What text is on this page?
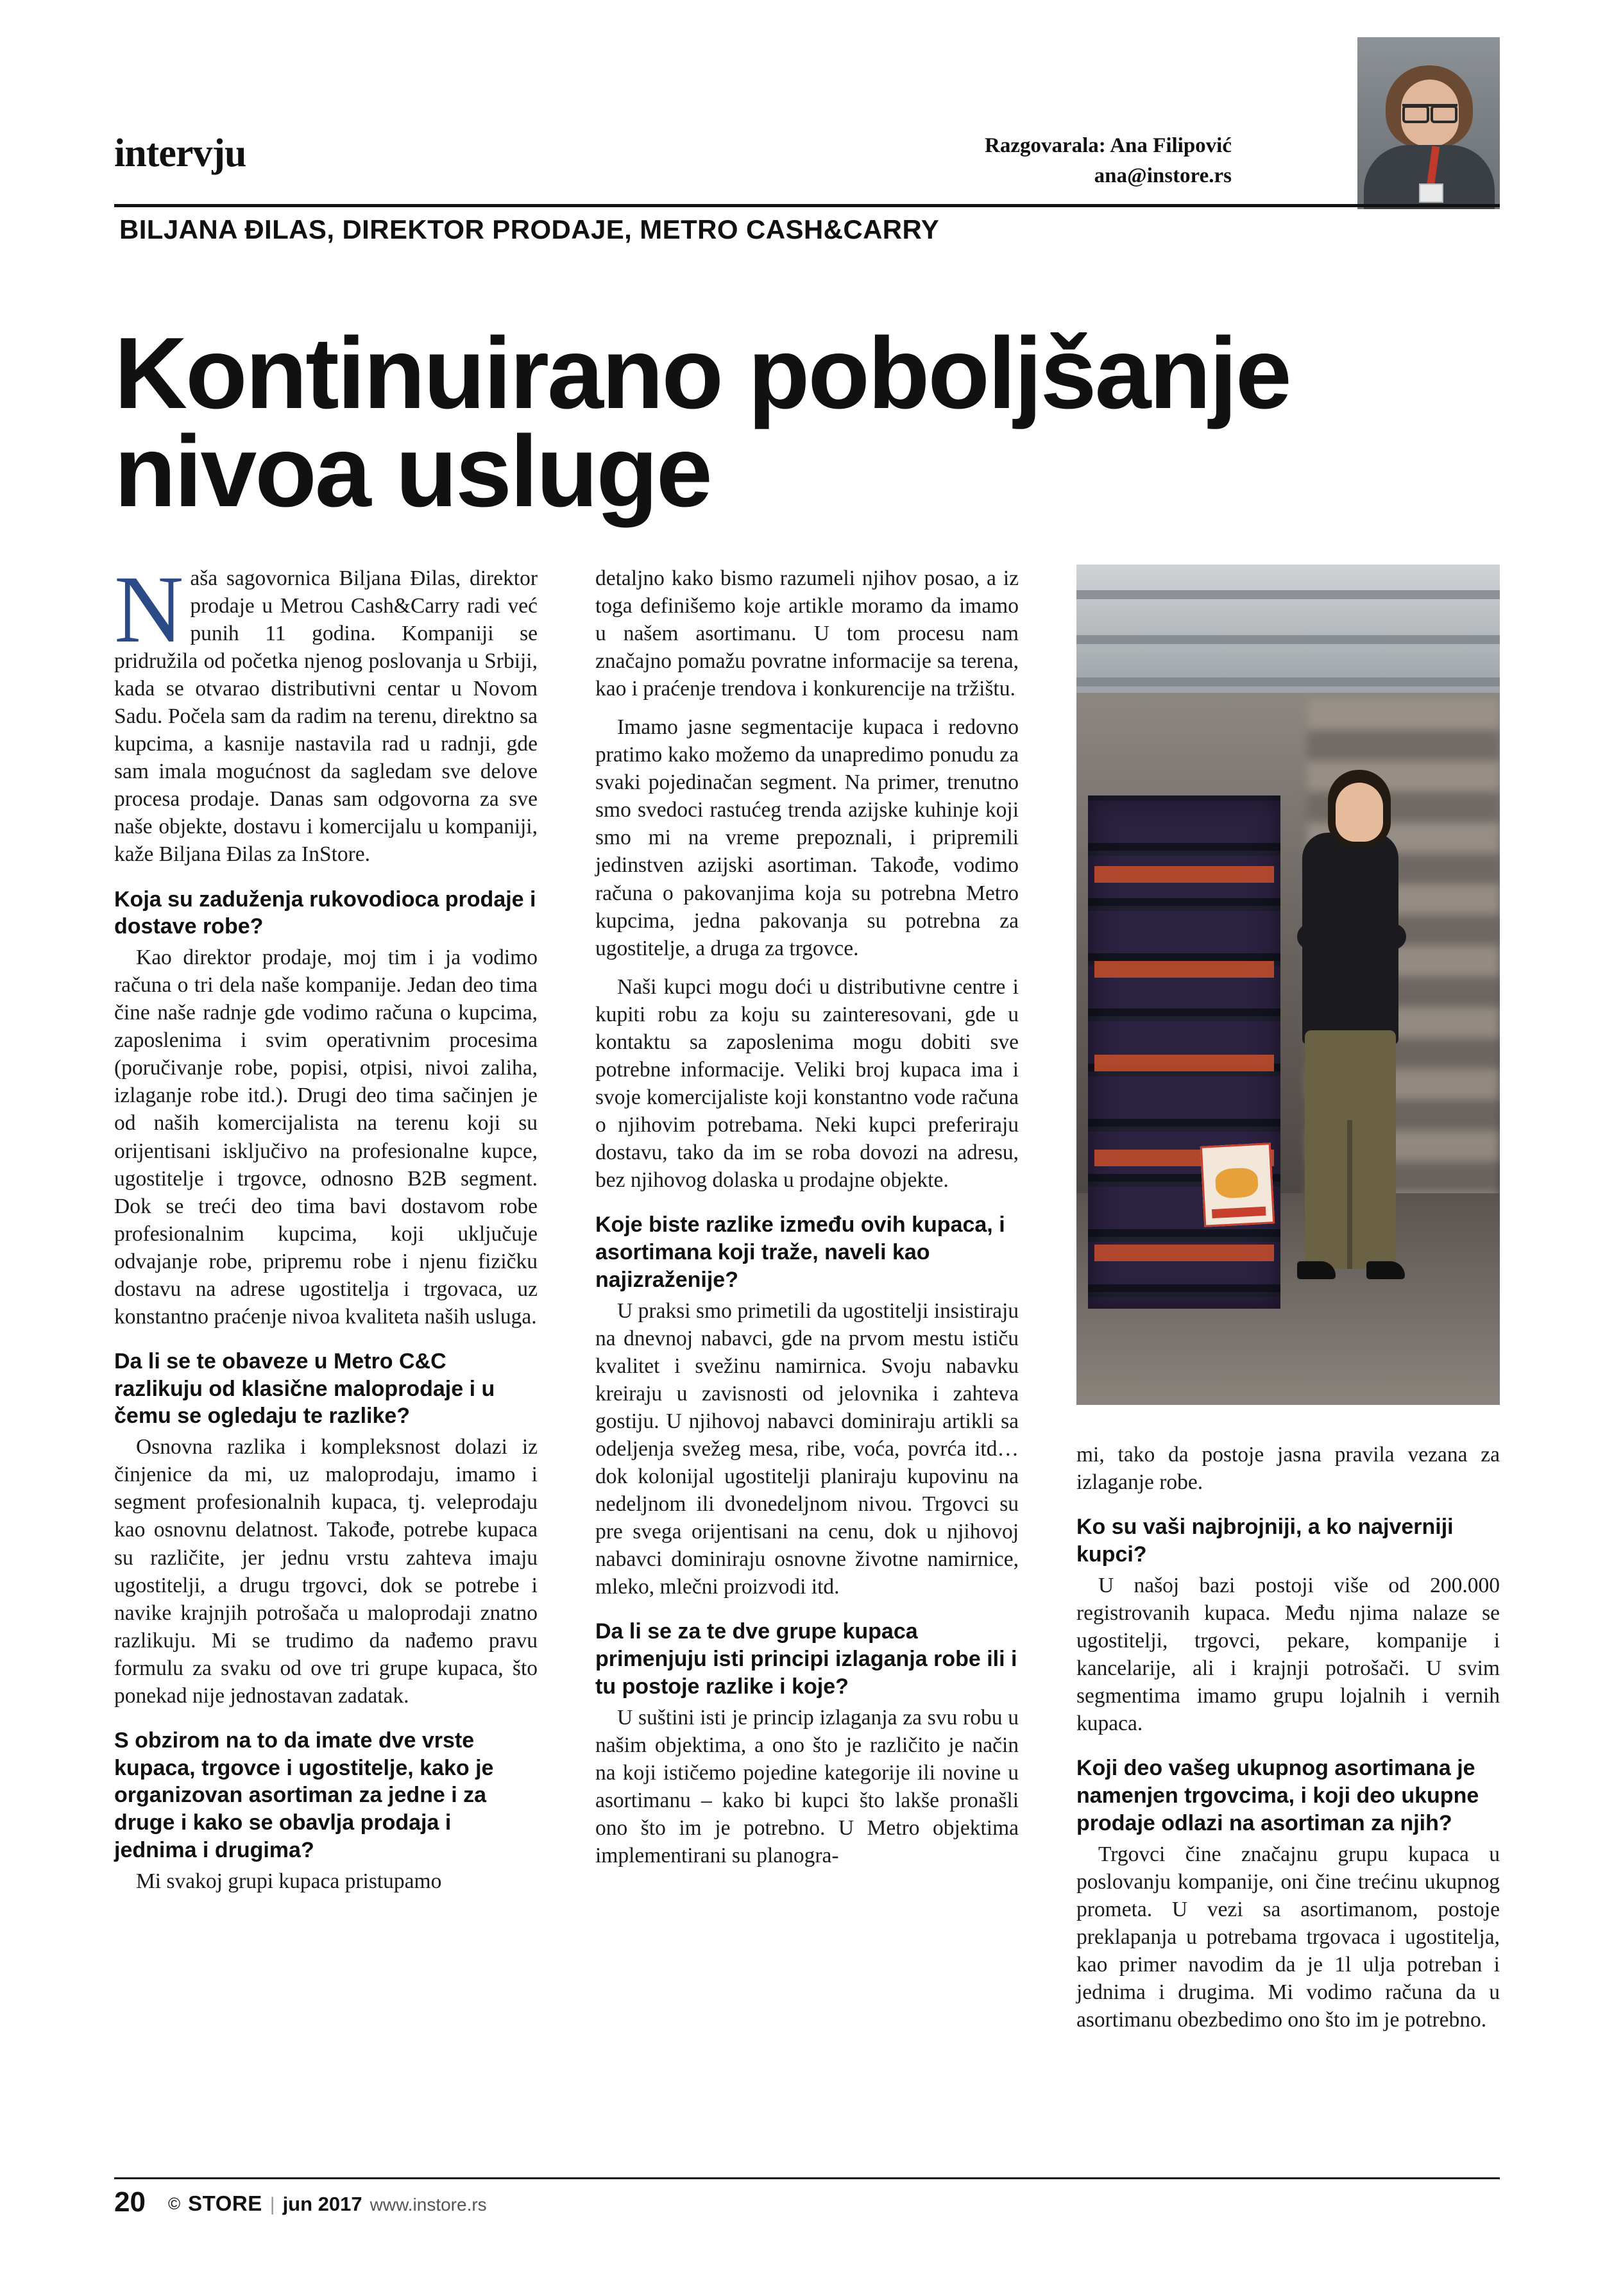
intervju	Razgovarala: Ana Filipović
ana@instore.rs
BILJANA ĐILAS, DIREKTOR PRODAJE, METRO CASH&CARRY
Kontinuirano poboljšanje nivoa usluge

Naša sagovornica Biljana Đilas, direktor prodaje u Metrou Cash&Carry radi već punih 11 godina. Kompaniji se pridružila od početka njenog poslovanja u Srbiji, kada se otvarao distributivni centar u Novom Sadu. Počela sam da radim na terenu, direktno sa kupcima, a kasnije nastavila rad u radnji, gde sam imala mogućnost da sagledam sve delove procesa prodaje. Danas sam odgovorna za sve naše objekte, dostavu i komercijalu u kompaniji, kaže Biljana Đilas za InStore.

Koja su zaduženja rukovodioca prodaje i dostave robe?

Kao direktor prodaje, moj tim i ja vodimo računa o tri dela naše kompanije. Jedan deo tima čine naše radnje gde vodimo računa o kupcima, zaposlenima i svim operativnim procesima (poručivanje robe, popisi, otpisi, nivoi zaliha, izlaganje robe itd.). Drugi deo tima sačinjen je od naših komercijalista na terenu koji su orijentisani isključivo na profesionalne kupce, ugostitelje i trgovce, odnosno B2B segment. Dok se treći deo tima bavi dostavom robe profesionalnim kupcima, koji uključuje odvajanje robe, pripremu robe i njenu fizičku dostavu na adrese ugostitelja i trgovaca, uz konstantno praćenje nivoa kvaliteta naših usluga.

Da li se te obaveze u Metro C&C razlikuju od klasične maloprodaje i u čemu se ogledaju te razlike?

Osnovna razlika i kompleksnost dolazi iz činjenice da mi, uz maloprodaju, imamo i segment profesionalnih kupaca, tj. veleprodaju kao osnovnu delatnost. Takođe, potrebe kupaca su različite, jer jednu vrstu zahteva imaju ugostitelji, a drugu trgovci, dok se potrebe i navike krajnjih potrošača u maloprodaji znatno razlikuju. Mi se trudimo da nađemo pravu formulu za svaku od ove tri grupe kupaca, što ponekad nije jednostavan zadatak.

S obzirom na to da imate dve vrste kupaca, trgovce i ugostitelje, kako je organizovan asortiman za jedne i za druge i kako se obavlja prodaja i jednima i drugima?

Mi svakoj grupi kupaca pristupamo

detaljno kako bismo razumeli njihov posao, a iz toga definišemo koje artikle moramo da imamo u našem asortimanu. U tom procesu nam značajno pomažu povratne informacije sa terena, kao i praćenje trendova i konkurencije na tržištu.

Imamo jasne segmentacije kupaca i redovno pratimo kako možemo da unapredimo ponudu za svaki pojedinačan segment. Na primer, trenutno smo svedoci rastućeg trenda azijske kuhinje koji smo mi na vreme prepoznali, i pripremili jedinstven azijski asortiman. Takođe, vodimo računa o pakovanjima koja su potrebna Metro kupcima, jedna pakovanja su potrebna za ugostitelje, a druga za trgovce.

Naši kupci mogu doći u distributivne centre i kupiti robu za koju su zainteresovani, gde u kontaktu sa zaposlenima mogu dobiti sve potrebne informacije. Veliki broj kupaca ima i svoje komercijaliste koji konstantno vode računa o njihovim potrebama. Neki kupci preferiraju dostavu, tako da im se roba dovozi na adresu, bez njihovog dolaska u prodajne objekte.

Koje biste razlike između ovih kupaca, i asortimana koji traže, naveli kao najizraženije?

U praksi smo primetili da ugostitelji insistiraju na dnevnoj nabavci, gde na prvom mestu ističu kvalitet i svežinu namirnica. Svoju nabavku kreiraju u zavisnosti od jelovnika i zahteva gostiju. U njihovoj nabavci dominiraju artikli sa odeljenja svežeg mesa, ribe, voća, povrća itd… dok kolonijal ugostitelji planiraju kupovinu na nedeljnom ili dvonedeljnom nivou. Trgovci su pre svega orijentisani na cenu, dok u njihovoj nabavci dominiraju osnovne životne namirnice, mleko, mlečni proizvodi itd.

Da li se za te dve grupe kupaca primenjuju isti principi izlaganja robe ili i tu postoje razlike i koje?

U suštini isti je princip izlaganja za svu robu u našim objektima, a ono što je različito je način na koji ističemo pojedine kategorije ili novine u asortimanu – kako bi kupci što lakše pronašli ono što im je potrebno. U Metro objektima implementirani su planogra-

mi, tako da postoje jasna pravila vezana za izlaganje robe.

Ko su vaši najbrojniji, a ko najverniji kupci?

U našoj bazi postoji više od 200.000 registrovanih kupaca. Među njima nalaze se ugostitelji, trgovci, pekare, kompanije i kancelarije, ali i krajnji potrošači. U svim segmentima imamo grupu lojalnih i vernih kupaca.

Koji deo vašeg ukupnog asortimana je namenjen trgovcima, i koji deo ukupne prodaje odlazi na asortiman za njih?

Trgovci čine značajnu grupu kupaca u poslovanju kompanije, oni čine trećinu ukupnog prometa. U vezi sa asortimanom, postoje preklapanja u potrebama trgovaca i ugostitelja, kao primer navodim da je 1l ulja potreban i jednima i drugima. Mi vodimo računa da u asortimanu obezbedimo ono što im je potrebno.

20 © STORE | jun 2017 www.instore.rs
